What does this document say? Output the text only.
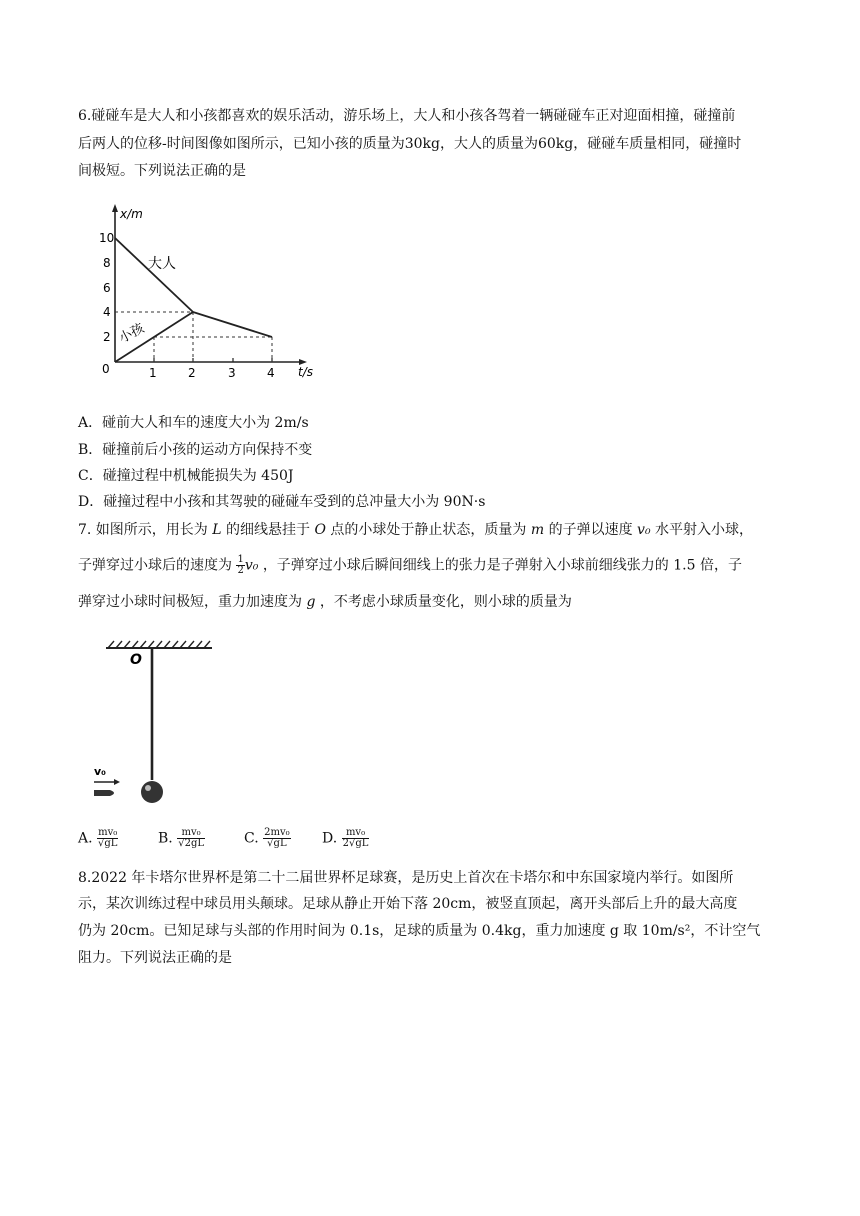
6.碰碰车是大人和小孩都喜欢的娱乐活动，游乐场上，大人和小孩各驾着一辆碰碰车正对迎面相撞，碰撞前
后两人的位移-时间图像如图所示，已知小孩的质量为30kg，大人的质量为60kg，碰碰车质量相同，碰撞时
间极短。下列说法正确的是
x/m
t/s
10
8
6
4
2
0	1	2	3	4
大人
小孩
A．碰前大人和车的速度大小为 2m/s
B．碰撞前后小孩的运动方向保持不变
C．碰撞过程中机械能损失为 450J
D．碰撞过程中小孩和其驾驶的碰碰车受到的总冲量大小为 90N·s
7. 如图所示，用长为 L 的细线悬挂于 O 点的小球处于静止状态，质量为 m 的子弹以速度 v₀ 水平射入小球，
子弹穿过小球后的速度为 $\frac{1}{2} v_0$ ，子弹穿过小球后瞬间细线上的张力是子弹射入小球前细线张力的 1.5 倍，子
弹穿过小球时间极短，重力加速度为 g ，不考虑小球质量变化，则小球的质量为
O
v₀
A. $\frac{\text{mv₀}}{√gL}$	B. $\frac{\text{mv₀}}{√2gL}$	C. $\frac{\text{2mv₀}}{√gL} D$. $\frac{\text{mv₀}}{2√gL}$
8.2022 年卡塔尔世界杯是第二十二届世界杯足球赛，是历史上首次在卡塔尔和中东国家境内举行。如图所
示，某次训练过程中球员用头颠球。足球从静止开始下落 20cm，被竖直顶起，离开头部后上升的最大高度
仍为 20cm。已知足球与头部的作用时间为 0.1s，足球的质量为 0.4kg，重力加速度 g 取 10m/s²，不计空气
阻力。下列说法正确的是
